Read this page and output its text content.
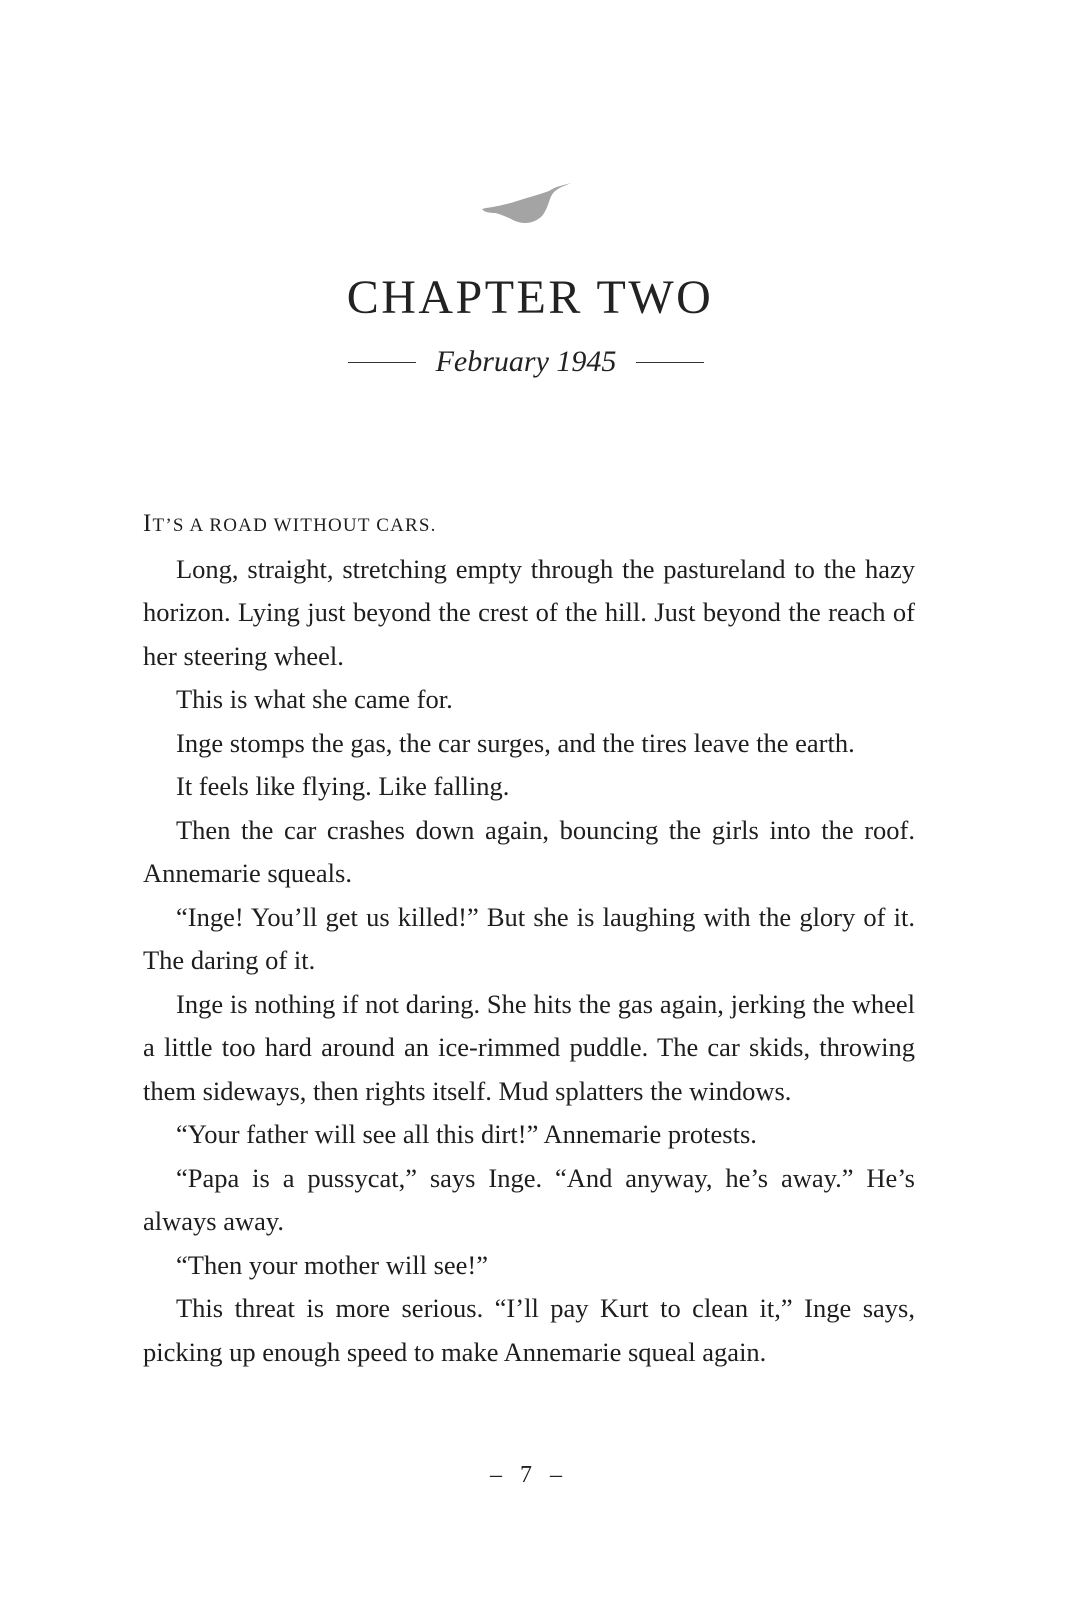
CHAPTER TWO
February 1945

IT’S A ROAD WITHOUT CARS.

Long, straight, stretching empty through the pastureland to the hazy horizon. Lying just beyond the crest of the hill. Just beyond the reach of her steering wheel.

This is what she came for.

Inge stomps the gas, the car surges, and the tires leave the earth.

It feels like flying. Like falling.

Then the car crashes down again, bouncing the girls into the roof. Annemarie squeals.

“Inge! You’ll get us killed!” But she is laughing with the glory of it. The daring of it.

Inge is nothing if not daring. She hits the gas again, jerking the wheel a little too hard around an ice-rimmed puddle. The car skids, throwing them sideways, then rights itself. Mud splatters the windows.

“Your father will see all this dirt!” Annemarie protests.

“Papa is a pussycat,” says Inge. “And anyway, he’s away.” He’s always away.

“Then your mother will see!”

This threat is more serious. “I’ll pay Kurt to clean it,” Inge says, picking up enough speed to make Annemarie squeal again.

– 7 –
